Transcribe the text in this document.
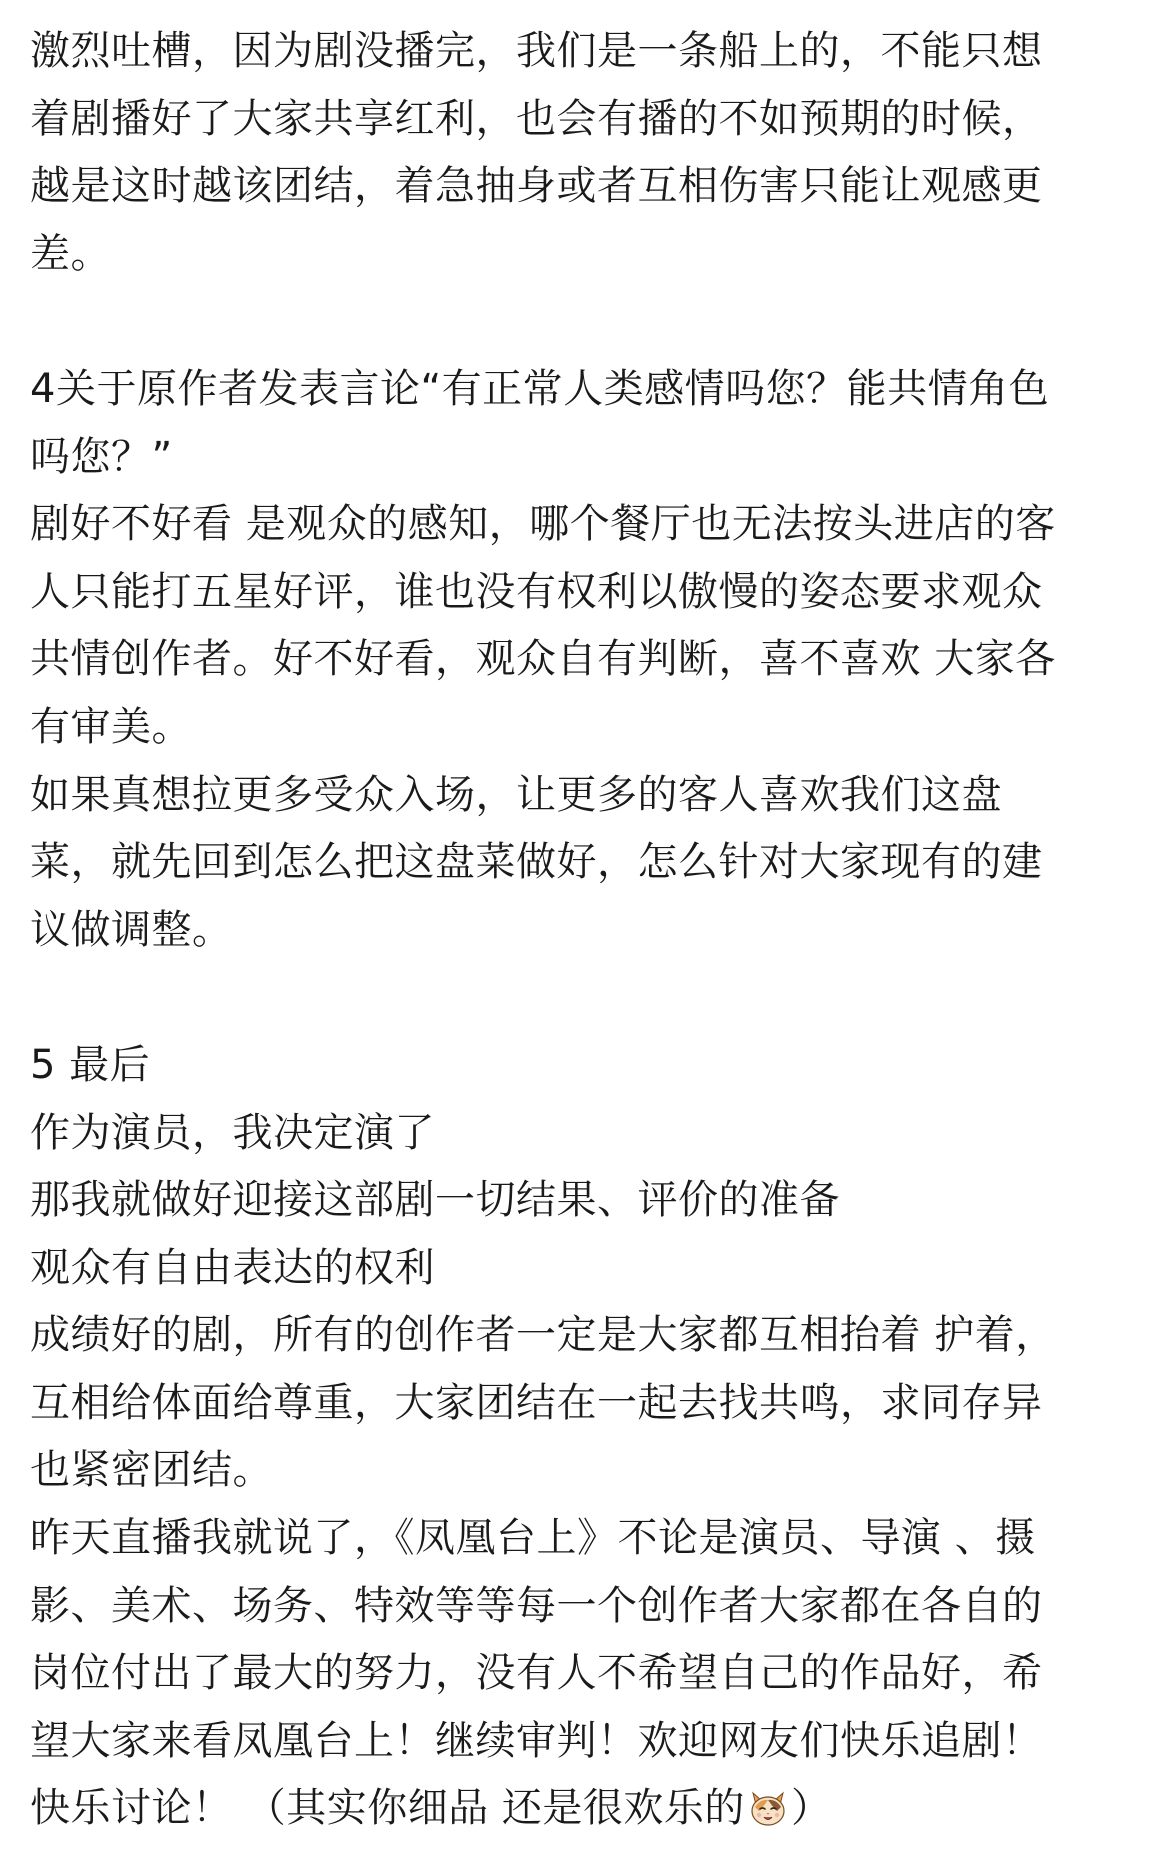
激烈吐槽，因为剧没播完，我们是一条船上的，不能只想
着剧播好了大家共享红利，也会有播的不如预期的时候，
越是这时越该团结，着急抽身或者互相伤害只能让观感更
差。
4关于原作者发表言论“有正常人类感情吗您？能共情角色
吗您？”
剧好不好看 是观众的感知，哪个餐厅也无法按头进店的客
人只能打五星好评，谁也没有权利以傲慢的姿态要求观众
共情创作者。好不好看，观众自有判断，喜不喜欢 大家各
有审美。
如果真想拉更多受众入场，让更多的客人喜欢我们这盘
菜，就先回到怎么把这盘菜做好，怎么针对大家现有的建
议做调整。
5 最后
作为演员，我决定演了
那我就做好迎接这部剧一切结果、评价的准备
观众有自由表达的权利
成绩好的剧，所有的创作者一定是大家都互相抬着 护着，
互相给体面给尊重，大家团结在一起去找共鸣，求同存异
也紧密团结。
昨天直播我就说了，《凤凰台上》不论是演员、导演 、摄
影、美术、场务、特效等等每一个创作者大家都在各自的
岗位付出了最大的努力，没有人不希望自己的作品好，希
望大家来看凤凰台上！继续审判！欢迎网友们快乐追剧！
快乐讨论！ （其实你细品 还是很欢乐的 ）
